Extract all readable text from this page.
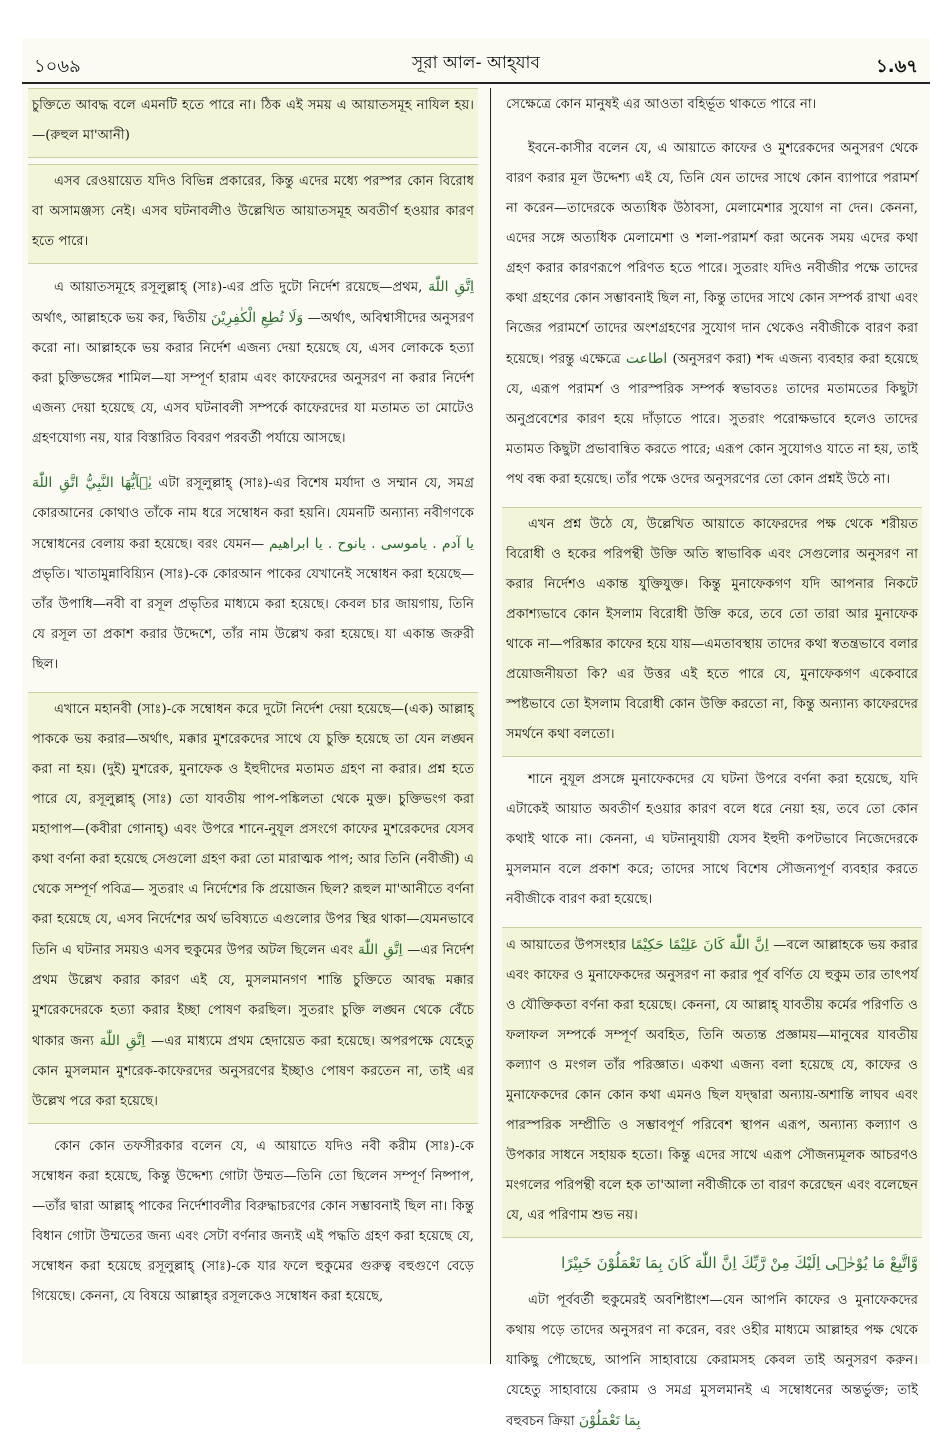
১০৬৯	সূরা আল- আহ্‌যাব	১.৬৭
চুক্তিতে আবদ্ধ বলে এমনটি হতে পারে না। ঠিক এই সময় এ আয়াতসমূহ নাযিল হয়।—(রুহুল মা'আনী)
এসব রেওয়ায়েত যদিও বিভিন্ন প্রকারের, কিন্তু এদের মধ্যে পরস্পর কোন বিরোধ বা অসামঞ্জস্য নেই। এসব ঘটনাবলীও উল্লেখিত আয়াতসমূহ অবতীর্ণ হওয়ার কারণ হতে পারে।
এ আয়াতসমূহে রসূলুল্লাহ্ (সাঃ)-এর প্রতি দুটো নির্দেশ রয়েছে—প্রথম, اِتَّقِ اللّٰهَ অর্থাৎ, আল্লাহকে ভয় কর, দ্বিতীয় وَلَا تُطِعِ الْكٰفِرِيْنَ —অর্থাৎ, অবিশ্বাসীদের অনুসরণ করো না। আল্লাহকে ভয় করার নির্দেশ এজন্য দেয়া হয়েছে যে, এসব লোককে হত্যা করা চুক্তিভঙ্গের শামিল—যা সম্পূর্ণ হারাম এবং কাফেরদের অনুসরণ না করার নির্দেশ এজন্য দেয়া হয়েছে যে, এসব ঘটনাবলী সম্পর্কে কাফেরদের যা মতামত তা মোটেও গ্রহণযোগ্য নয়, যার বিস্তারিত বিবরণ পরবর্তী পর্যায়ে আসছে।
يٰۤاَيُّهَا النَّبِيُّ اتَّقِ اللّٰهَ এটা রসূলুল্লাহ্ (সাঃ)-এর বিশেষ মর্যাদা ও সম্মান যে, সমগ্র কোরআনের কোথাও তাঁকে নাম ধরে সম্বোধন করা হয়নি। যেমনটি অন্যান্য নবীগণকে সম্বোধনের বেলায় করা হয়েছে। বরং যেমন— يا آدم . ياموسى . يانوح . يا ابراهيم প্রভৃতি। খাতামুন্নাবিয়্যিন (সাঃ)-কে কোরআন পাকের যেখানেই সম্বোধন করা হয়েছে—তাঁর উপাধি—নবী বা রসূল প্রভৃতির মাধ্যমে করা হয়েছে। কেবল চার জায়গায়, তিনি যে রসূল তা প্রকাশ করার উদ্দেশে, তাঁর নাম উল্লেখ করা হয়েছে। যা একান্ত জরুরী ছিল।
এখানে মহানবী (সাঃ)-কে সম্বোধন করে দুটো নির্দেশ দেয়া হয়েছে—(এক) আল্লাহ্ পাককে ভয় করার—অর্থাৎ, মক্কার মুশরেকদের সাথে যে চুক্তি হয়েছে তা যেন লঙ্ঘন করা না হয়। (দুই) মুশরেক, মুনাফেক ও ইহুদীদের মতামত গ্রহণ না করার। প্রশ্ন হতে পারে যে, রসূলুল্লাহ্ (সাঃ) তো যাবতীয় পাপ-পঙ্কিলতা থেকে মুক্ত। চুক্তিভংগ করা মহাপাপ—(কবীরা গোনাহ্) এবং উপরে শানে-নুযূল প্রসংগে কাফের মুশরেকদের যেসব কথা বর্ণনা করা হয়েছে সেগুলো গ্রহণ করা তো মারাত্মক পাপ; আর তিনি (নবীজী) এ থেকে সম্পূর্ণ পবিত্র— সুতরাং এ নির্দেশের কি প্রয়োজন ছিল? রূহুল মা'আনীতে বর্ণনা করা হয়েছে যে, এসব নির্দেশের অর্থ ভবিষ্যতে এগুলোর উপর স্থির থাকা—যেমনভাবে তিনি এ ঘটনার সময়ও এসব হুকুমের উপর অটল ছিলেন এবং اِتَّقِ اللّٰهَ —এর নির্দেশ প্রথম উল্লেখ করার কারণ এই যে, মুসলমানগণ শান্তি চুক্তিতে আবদ্ধ মক্কার মুশরেকদেরকে হত্যা করার ইচ্ছা পোষণ করছিল। সুতরাং চুক্তি লঙ্ঘন থেকে বেঁচে থাকার জন্য اِتَّقِ اللّٰهَ —এর মাধ্যমে প্রথম হেদায়েত করা হয়েছে। অপরপক্ষে যেহেতু কোন মুসলমান মুশরেক-কাফেরদের অনুসরণের ইচ্ছাও পোষণ করতেন না, তাই এর উল্লেখ পরে করা হয়েছে।
কোন কোন তফসীরকার বলেন যে, এ আয়াতে যদিও নবী করীম (সাঃ)-কে সম্বোধন করা হয়েছে, কিন্তু উদ্দেশ্য গোটা উম্মত—তিনি তো ছিলেন সম্পূর্ণ নিষ্পাপ, —তাঁর দ্বারা আল্লাহ্ পাকের নির্দেশাবলীর বিরুদ্ধাচরণের কোন সম্ভাবনাই ছিল না। কিন্তু বিধান গোটা উম্মতের জন্য এবং সেটা বর্ণনার জন্যই এই পদ্ধতি গ্রহণ করা হয়েছে যে, সম্বোধন করা হয়েছে রসূলুল্লাহ্ (সাঃ)-কে যার ফলে হুকুমের গুরুত্ব বহুগুণে বেড়ে গিয়েছে। কেননা, যে বিষয়ে আল্লাহ্‌র রসূলকেও সম্বোধন করা হয়েছে,
সেক্ষেত্রে কোন মানুষই এর আওতা বহির্ভূত থাকতে পারে না।
ইবনে-কাসীর বলেন যে, এ আয়াতে কাফের ও মুশরেকদের অনুসরণ থেকে বারণ করার মূল উদ্দেশ্য এই যে, তিনি যেন তাদের সাথে কোন ব্যাপারে পরামর্শ না করেন—তাদেরকে অত্যধিক উঠাবসা, মেলামেশার সুযোগ না দেন। কেননা, এদের সঙ্গে অত্যধিক মেলামেশা ও শলা-পরামর্শ করা অনেক সময় এদের কথা গ্রহণ করার কারণরূপে পরিণত হতে পারে। সুতরাং যদিও নবীজীর পক্ষে তাদের কথা গ্রহণের কোন সম্ভাবনাই ছিল না, কিন্তু তাদের সাথে কোন সম্পর্ক রাখা এবং নিজের পরামর্শে তাদের অংশগ্রহণের সুযোগ দান থেকেও নবীজীকে বারণ করা হয়েছে। পরন্তু এক্ষেত্রে اطاعت (অনুসরণ করা) শব্দ এজন্য ব্যবহার করা হয়েছে যে, এরূপ পরামর্শ ও পারস্পরিক সম্পর্ক স্বভাবতঃ তাদের মতামতের কিছুটা অনুপ্রবেশের কারণ হয়ে দাঁড়াতে পারে। সুতরাং পরোক্ষভাবে হলেও তাদের মতামত কিছুটা প্রভাবান্বিত করতে পারে; এরূপ কোন সুযোগও যাতে না হয়, তাই পথ বন্ধ করা হয়েছে। তাঁর পক্ষে ওদের অনুসরণের তো কোন প্রশ্নই উঠে না।
এখন প্রশ্ন উঠে যে, উল্লেখিত আয়াতে কাফেরদের পক্ষ থেকে শরীয়ত বিরোধী ও হকের পরিপন্থী উক্তি অতি স্বাভাবিক এবং সেগুলোর অনুসরণ না করার নির্দেশও একান্ত যুক্তিযুক্ত। কিন্তু মুনাফেকগণ যদি আপনার নিকটে প্রকাশ্যভাবে কোন ইসলাম বিরোধী উক্তি করে, তবে তো তারা আর মুনাফেক থাকে না—পরিষ্কার কাফের হয়ে যায়—এমতাবস্থায় তাদের কথা স্বতন্ত্রভাবে বলার প্রয়োজনীয়তা কি? এর উত্তর এই হতে পারে যে, মুনাফেকগণ একেবারে স্পষ্টভাবে তো ইসলাম বিরোধী কোন উক্তি করতো না, কিন্তু অন্যান্য কাফেরদের সমর্থনে কথা বলতো।
শানে নুযূল প্রসঙ্গে মুনাফেকদের যে ঘটনা উপরে বর্ণনা করা হয়েছে, যদি এটাকেই আয়াত অবতীর্ণ হওয়ার কারণ বলে ধরে নেয়া হয়, তবে তো কোন কথাই থাকে না। কেননা, এ ঘটনানুযায়ী যেসব ইহুদী কপটভাবে নিজেদেরকে মুসলমান বলে প্রকাশ করে; তাদের সাথে বিশেষ সৌজন্যপূর্ণ ব্যবহার করতে নবীজীকে বারণ করা হয়েছে।
এ আয়াতের উপসংহার اِنَّ اللّٰهَ كَانَ عَلِيْمًا حَكِيْمًا —বলে আল্লাহকে ভয় করার এবং কাফের ও মুনাফেকদের অনুসরণ না করার পূর্ব বর্ণিত যে হুকুম তার তাৎপর্য ও যৌক্তিকতা বর্ণনা করা হয়েছে। কেননা, যে আল্লাহ্ যাবতীয় কর্মের পরিণতি ও ফলাফল সম্পর্কে সম্পূর্ণ অবহিত, তিনি অত্যন্ত প্রজ্ঞাময়—মানুষের যাবতীয় কল্যাণ ও মংগল তাঁর পরিজ্ঞাত। একথা এজন্য বলা হয়েছে যে, কাফের ও মুনাফেকদের কোন কোন কথা এমনও ছিল যদ্দ্বারা অন্যায়-অশান্তি লাঘব এবং পারস্পরিক সম্প্রীতি ও সম্ভাবপূর্ণ পরিবেশ স্থাপন এরূপ, অন্যান্য কল্যাণ ও উপকার সাধনে সহায়ক হতো। কিন্তু এদের সাথে এরূপ সৌজন্যমূলক আচরণও মংগলের পরিপন্থী বলে হক তা'আলা নবীজীকে তা বারণ করেছেন এবং বলেছেন যে, এর পরিণাম শুভ নয়।
وَّاتَّبِعْ مَا يُوْحٰۤى اِلَيْكَ مِنْ رَّبِّكَ اِنَّ اللّٰهَ كَانَ بِمَا تَعْمَلُوْنَ خَبِيْرًا
এটা পূর্ববর্তী হুকুমেরই অবশিষ্টাংশ—যেন আপনি কাফের ও মুনাফেকদের কথায় পড়ে তাদের অনুসরণ না করেন, বরং ওহীর মাধ্যমে আল্লাহর পক্ষ থেকে যাকিছু পৌছেছে, আপনি সাহাবায়ে কেরামসহ কেবল তাই অনুসরণ করুন। যেহেতু সাহাবায়ে কেরাম ও সমগ্র মুসলমানই এ সম্বোধনের অন্তর্ভুক্ত; তাই বহুবচন ক্রিয়া بِمَا تَعْمَلُوْنَ
